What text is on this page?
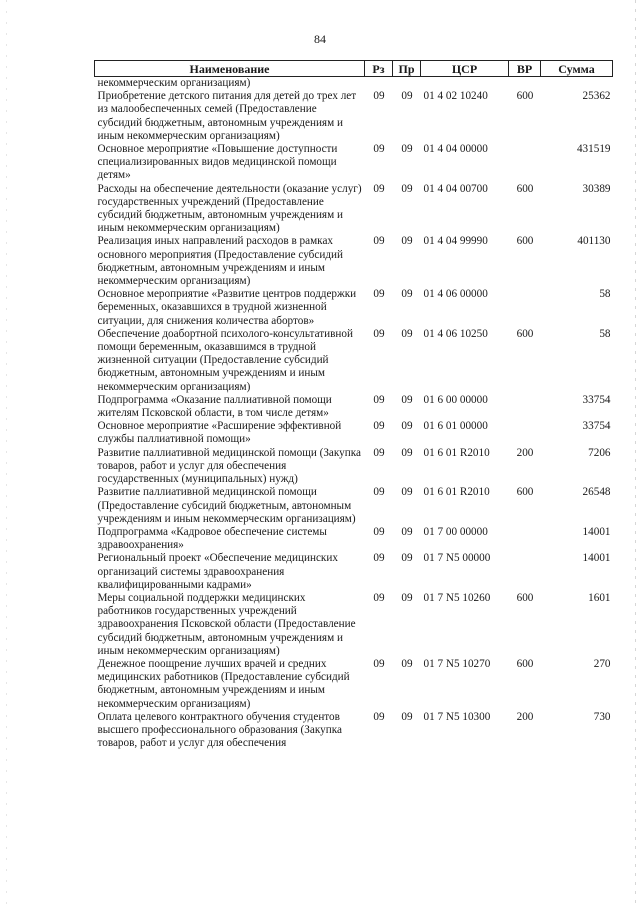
84
Наименование	Рз	Пр	ЦСР	ВР	Сумма
некоммерческим организациям)					
Приобретение детского питания для детей до трех лет из малообеспеченных семей (Предоставление субсидий бюджетным, автономным учреждениям и иным некоммерческим организациям)	09	09	01 4 02 10240	600	25362
Основное мероприятие «Повышение доступности специализированных видов медицинской помощи детям»	09	09	01 4 04 00000		431519
Расходы на обеспечение деятельности (оказание услуг) государственных учреждений (Предоставление субсидий бюджетным, автономным учреждениям и иным некоммерческим организациям)	09	09	01 4 04 00700	600	30389
Реализация иных направлений расходов в рамках основного мероприятия (Предоставление субсидий бюджетным, автономным учреждениям и иным некоммерческим организациям)	09	09	01 4 04 99990	600	401130
Основное мероприятие «Развитие центров поддержки беременных, оказавшихся в трудной жизненной ситуации, для снижения количества абортов»	09	09	01 4 06 00000		58
Обеспечение доабортной психолого-консультативной помощи беременным, оказавшимся в трудной жизненной ситуации (Предоставление субсидий бюджетным, автономным учреждениям и иным некоммерческим организациям)	09	09	01 4 06 10250	600	58
Подпрограмма «Оказание паллиативной помощи жителям Псковской области, в том числе детям»	09	09	01 6 00 00000		33754
Основное мероприятие «Расширение эффективной службы паллиативной помощи»	09	09	01 6 01 00000		33754
Развитие паллиативной медицинской помощи (Закупка товаров, работ и услуг для обеспечения государственных (муниципальных) нужд)	09	09	01 6 01 R2010	200	7206
Развитие паллиативной медицинской помощи (Предоставление субсидий бюджетным, автономным учреждениям и иным некоммерческим организациям)	09	09	01 6 01 R2010	600	26548
Подпрограмма «Кадровое обеспечение системы здравоохранения»	09	09	01 7 00 00000		14001
Региональный проект «Обеспечение медицинских организаций системы здравоохранения квалифицированными кадрами»	09	09	01 7 N5 00000		14001
Меры социальной поддержки медицинских работников государственных учреждений здравоохранения Псковской области (Предоставление субсидий бюджетным, автономным учреждениям и иным некоммерческим организациям)	09	09	01 7 N5 10260	600	1601
Денежное поощрение лучших врачей и средних медицинских работников (Предоставление субсидий бюджетным, автономным учреждениям и иным некоммерческим организациям)	09	09	01 7 N5 10270	600	270
Оплата целевого контрактного обучения студентов высшего профессионального образования (Закупка товаров, работ и услуг для обеспечения	09	09	01 7 N5 10300	200	730
